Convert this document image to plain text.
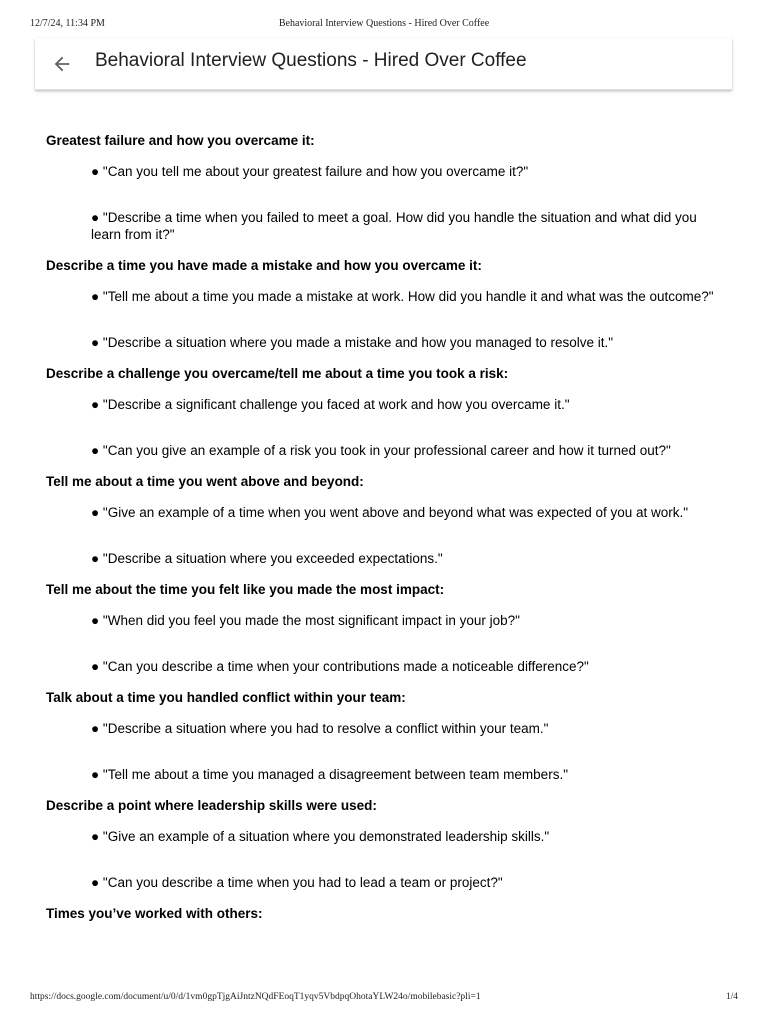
12/7/24, 11:34 PM	Behavioral Interview Questions - Hired Over Coffee
Behavioral Interview Questions - Hired Over Coffee
Greatest failure and how you overcame it:
● "Can you tell me about your greatest failure and how you overcame it?"
● "Describe a time when you failed to meet a goal. How did you handle the situation and what did you learn from it?"
Describe a time you have made a mistake and how you overcame it:
● "Tell me about a time you made a mistake at work. How did you handle it and what was the outcome?"
● "Describe a situation where you made a mistake and how you managed to resolve it."
Describe a challenge you overcame/tell me about a time you took a risk:
● "Describe a significant challenge you faced at work and how you overcame it."
● "Can you give an example of a risk you took in your professional career and how it turned out?"
Tell me about a time you went above and beyond:
● "Give an example of a time when you went above and beyond what was expected of you at work."
● "Describe a situation where you exceeded expectations."
Tell me about the time you felt like you made the most impact:
● "When did you feel you made the most significant impact in your job?"
● "Can you describe a time when your contributions made a noticeable difference?"
Talk about a time you handled conflict within your team:
● "Describe a situation where you had to resolve a conflict within your team."
● "Tell me about a time you managed a disagreement between team members."
Describe a point where leadership skills were used:
● "Give an example of a situation where you demonstrated leadership skills."
● "Can you describe a time when you had to lead a team or project?"
Times you’ve worked with others:
https://docs.google.com/document/u/0/d/1vm0gpTjgAiJntzNQdFEoqT1yqv5VbdpqOhotaYLW24o/mobilebasic?pli=1	1/4
